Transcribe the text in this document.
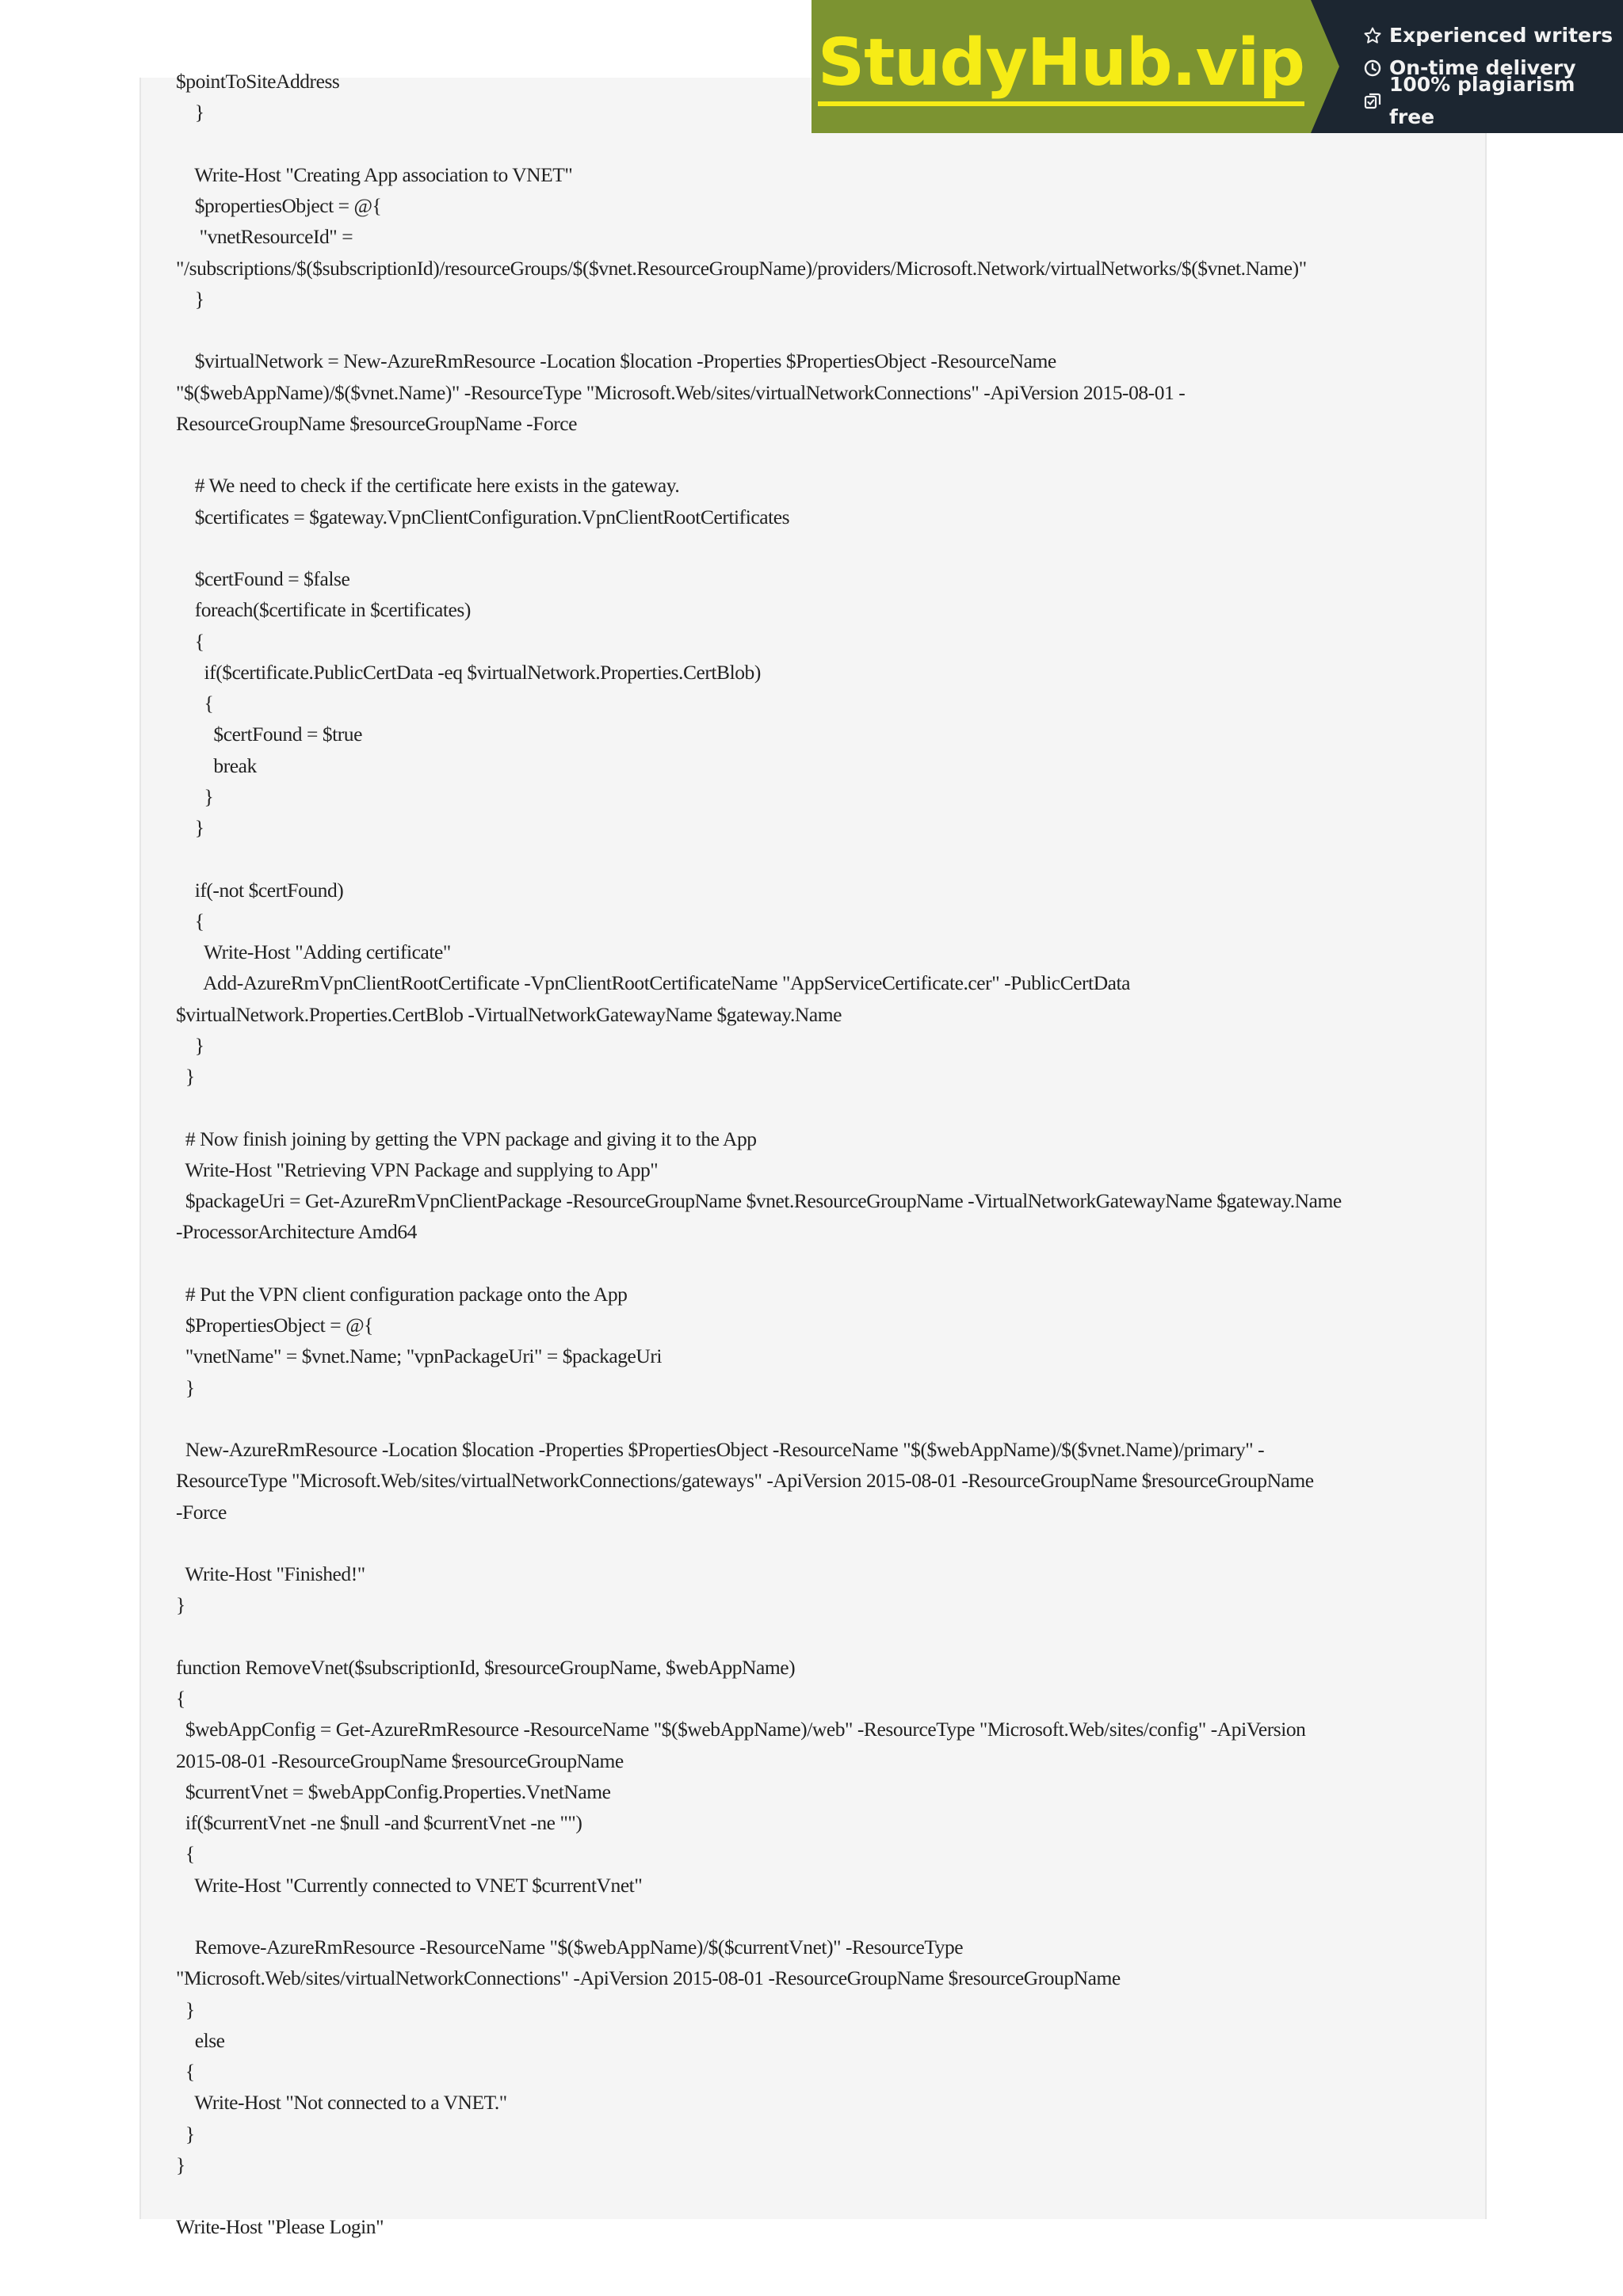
$pointToSiteAddress
}
Write-Host "Creating App association to VNET"
$propertiesObject = @{
"vnetResourceId" =
"/subscriptions/$($subscriptionId)/resourceGroups/$($vnet.ResourceGroupName)/providers/Microsoft.Network/virtualNetworks/$($vnet.Name)"
}
$virtualNetwork = New-AzureRmResource -Location $location -Properties $PropertiesObject -ResourceName
"$($webAppName)/$($vnet.Name)" -ResourceType "Microsoft.Web/sites/virtualNetworkConnections" -ApiVersion 2015-08-01 -
ResourceGroupName $resourceGroupName -Force
# We need to check if the certificate here exists in the gateway.
$certificates = $gateway.VpnClientConfiguration.VpnClientRootCertificates
$certFound = $false
foreach($certificate in $certificates)
{
if($certificate.PublicCertData -eq $virtualNetwork.Properties.CertBlob)
{
$certFound = $true
break
}
}
if(-not $certFound)
{
Write-Host "Adding certificate"
Add-AzureRmVpnClientRootCertificate -VpnClientRootCertificateName "AppServiceCertificate.cer" -PublicCertData
$virtualNetwork.Properties.CertBlob -VirtualNetworkGatewayName $gateway.Name
}
}
# Now finish joining by getting the VPN package and giving it to the App
Write-Host "Retrieving VPN Package and supplying to App"
$packageUri = Get-AzureRmVpnClientPackage -ResourceGroupName $vnet.ResourceGroupName -VirtualNetworkGatewayName $gateway.Name
-ProcessorArchitecture Amd64
# Put the VPN client configuration package onto the App
$PropertiesObject = @{
"vnetName" = $vnet.Name; "vpnPackageUri" = $packageUri
}
New-AzureRmResource -Location $location -Properties $PropertiesObject -ResourceName "$($webAppName)/$($vnet.Name)/primary" -
ResourceType "Microsoft.Web/sites/virtualNetworkConnections/gateways" -ApiVersion 2015-08-01 -ResourceGroupName $resourceGroupName
-Force
Write-Host "Finished!"
}
function RemoveVnet($subscriptionId, $resourceGroupName, $webAppName)
{
$webAppConfig = Get-AzureRmResource -ResourceName "$($webAppName)/web" -ResourceType "Microsoft.Web/sites/config" -ApiVersion
2015-08-01 -ResourceGroupName $resourceGroupName
$currentVnet = $webAppConfig.Properties.VnetName
if($currentVnet -ne $null -and $currentVnet -ne "")
{
Write-Host "Currently connected to VNET $currentVnet"
Remove-AzureRmResource -ResourceName "$($webAppName)/$($currentVnet)" -ResourceType
"Microsoft.Web/sites/virtualNetworkConnections" -ApiVersion 2015-08-01 -ResourceGroupName $resourceGroupName
}
else
{
Write-Host "Not connected to a VNET."
}
}
Write-Host "Please Login"
StudyHub.vip	Experienced writers
On-time delivery
100% plagiarism free
